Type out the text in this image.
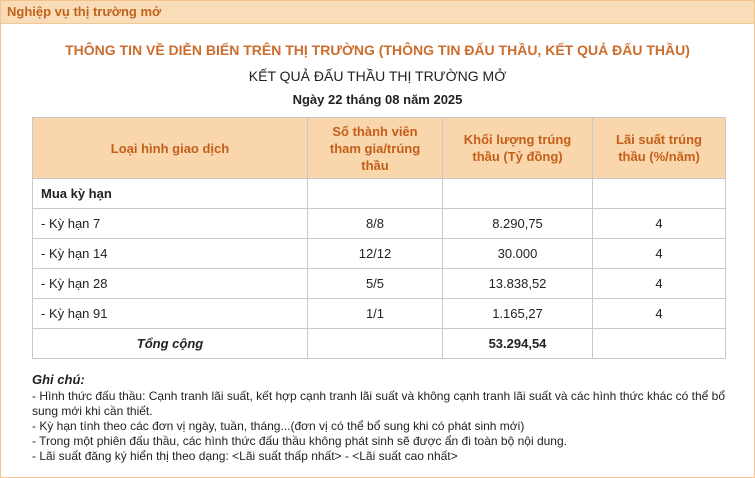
Nghiệp vụ thị trường mở
THÔNG TIN VỀ DIỄN BIẾN TRÊN THỊ TRƯỜNG (THÔNG TIN ĐẤU THẦU, KẾT QUẢ ĐẤU THẦU)
KẾT QUẢ ĐẤU THẦU THỊ TRƯỜNG MỞ
Ngày 22 tháng 08 năm 2025
Loại hình giao dịch	Số thành viên tham gia/trúng thầu	Khối lượng trúng thầu (Tỷ đồng)	Lãi suất trúng thầu (%/năm)
Mua kỳ hạn			
- Kỳ hạn 7	8/8	8.290,75	4
- Kỳ hạn 14	12/12	30.000	4
- Kỳ hạn 28	5/5	13.838,52	4
- Kỳ hạn 91	1/1	1.165,27	4
Tổng cộng		53.294,54	
Ghi chú:
- Hình thức đấu thầu: Cạnh tranh lãi suất, kết hợp cạnh tranh lãi suất và không cạnh tranh lãi suất và các hình thức khác có thể bổ sung mới khi cần thiết.
- Kỳ hạn tính theo các đơn vị ngày, tuần, tháng...(đơn vị có thể bổ sung khi có phát sinh mới)
- Trong một phiên đấu thầu, các hình thức đấu thầu không phát sinh sẽ được ẩn đi toàn bộ nội dung.
- Lãi suất đăng ký hiển thị theo dạng: <Lãi suất thấp nhất> - <Lãi suất cao nhất>
